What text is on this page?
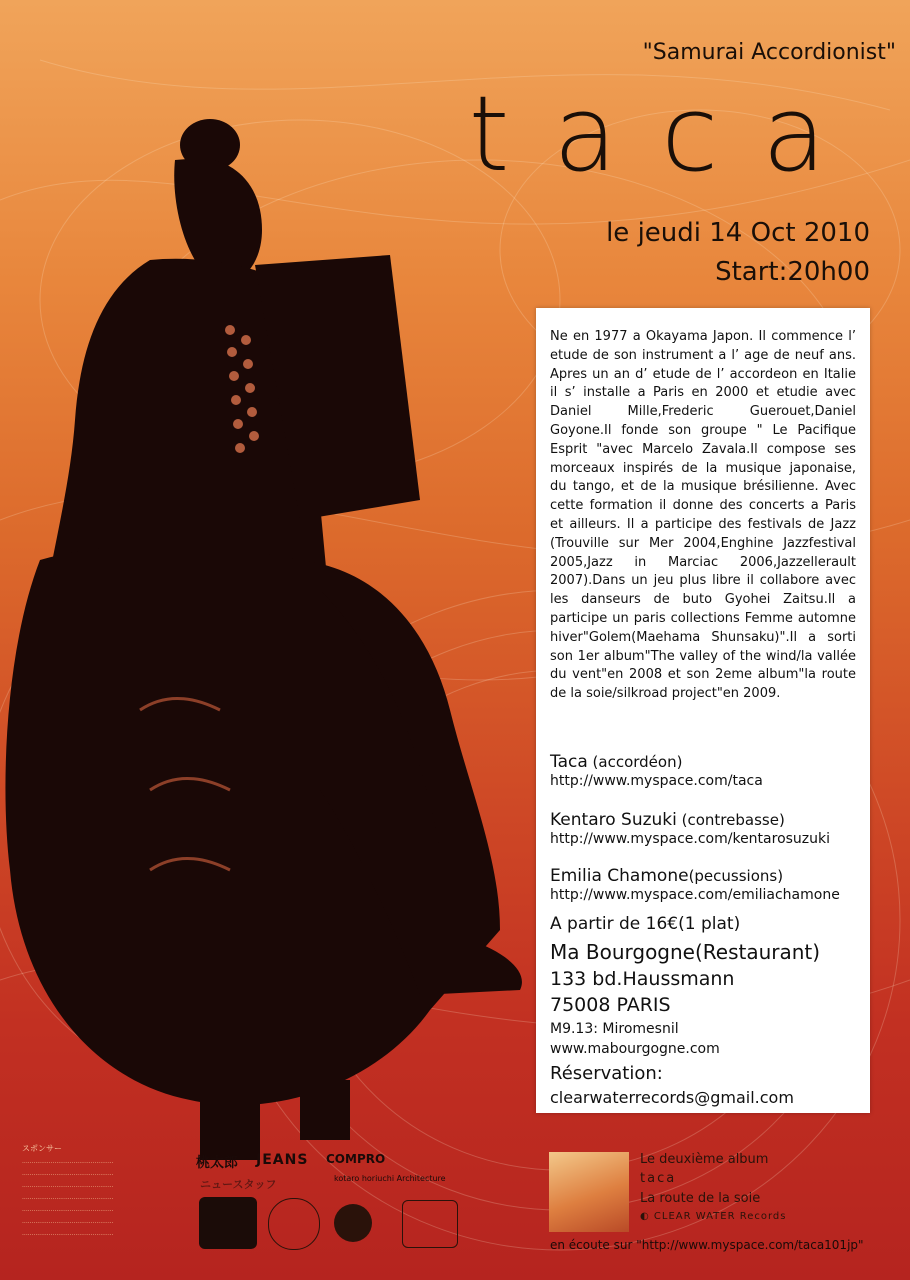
"Samurai Accordionist"
taca
le jeudi 14 Oct 2010
Start:20h00

Ne en 1977 a Okayama Japon. Il commence l’ etude de son instrument a l’ age de neuf ans. Apres un an d’ etude de l’ accordeon en Italie il s’ installe a Paris en 2000 et etudie avec Daniel Mille,Frederic Guerouet,Daniel Goyone.Il fonde son groupe " Le Pacifique Esprit "avec Marcelo Zavala.Il compose ses morceaux inspirés de la musique japonaise, du tango, et de la musique brésilienne. Avec cette formation il donne des concerts a Paris et ailleurs. Il a participe des festivals de Jazz (Trouville sur Mer 2004,Enghine Jazzfestival 2005,Jazz in Marciac 2006,Jazzellerault 2007).Dans un jeu plus libre il collabore avec les danseurs de buto Gyohei Zaitsu.Il a participe un paris collections Femme automne hiver"Golem(Maehama Shunsaku)".Il a sorti son 1er album"The valley of the wind/la vallée du vent"en 2008 et son 2eme album"la route de la soie/silkroad project"en 2009.

Taca (accordéon)
http://www.myspace.com/taca
Kentaro Suzuki (contrebasse)
http://www.myspace.com/kentarosuzuki
Emilia Chamone(pecussions)
http://www.myspace.com/emiliachamone
A partir de 16€(1 plat)
Ma Bourgogne(Restaurant)
133 bd.Haussmann
75008 PARIS
M9.13: Miromesnil
www.mabourgogne.com
Réservation:
clearwaterrecords@gmail.com
スポンサー
················································
················································
················································
················································
················································
················································
················································
桃太郎 JEANS COMPRO
ニュースタッフ	kotaro horiuchi Architecture
Le deuxième album
taca
La route de la soie
◐ CLEAR WATER Records
en écoute sur "http://www.myspace.com/taca101jp"
